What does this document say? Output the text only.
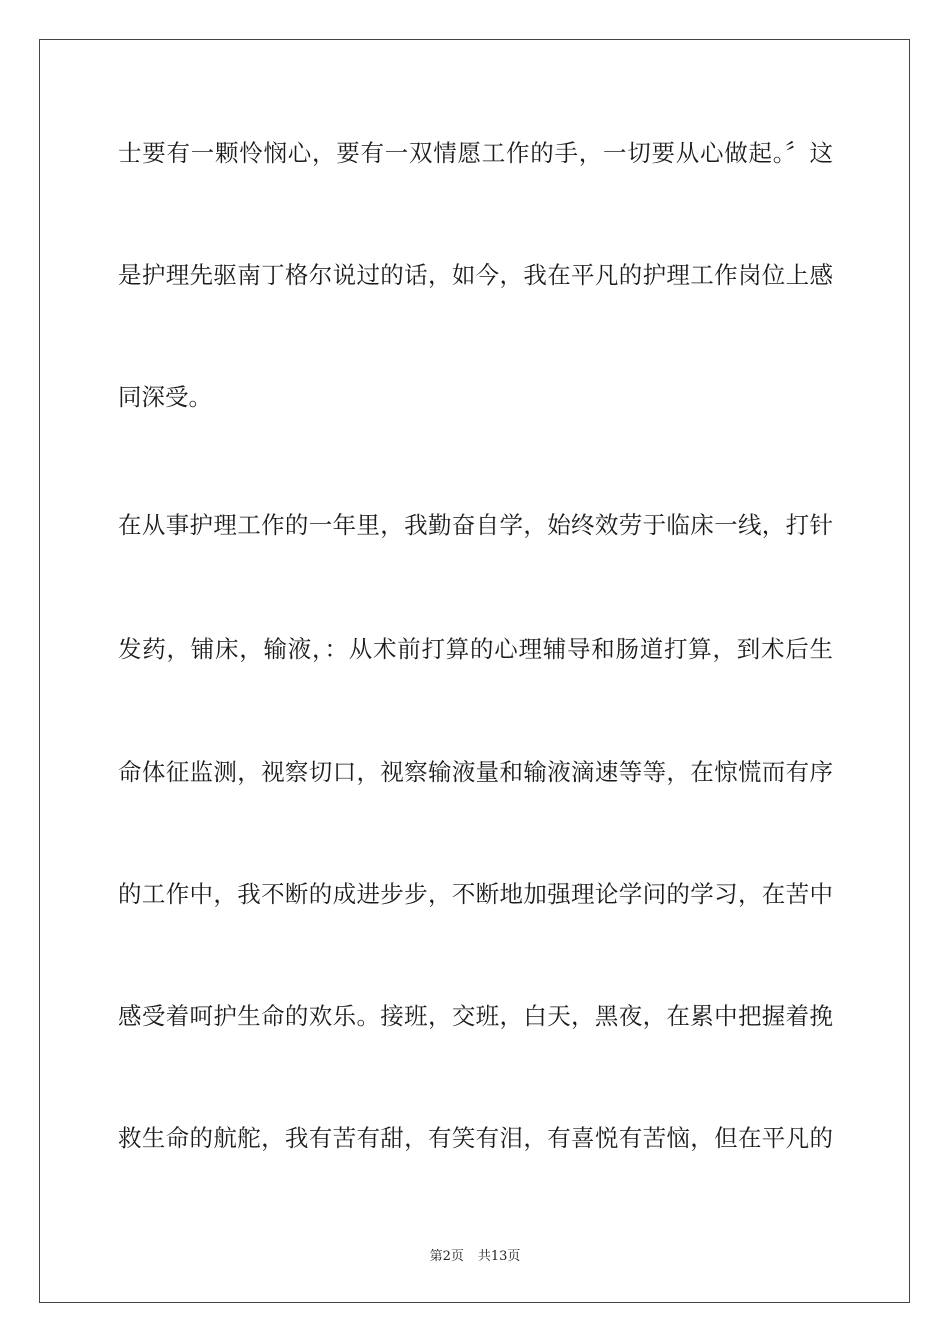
士要有一颗怜悯心，要有一双情愿工作的手，一切要从心做起。〞这
是护理先驱南丁格尔说过的话，如今，我在平凡的护理工作岗位上感
同深受。
在从事护理工作的一年里，我勤奋自学，始终效劳于临床一线，打针
发药，铺床，输液，：从术前打算的心理辅导和肠道打算，到术后生
命体征监测，视察切口，视察输液量和输液滴速等等，在惊慌而有序
的工作中，我不断的成进步步，不断地加强理论学问的学习，在苦中
感受着呵护生命的欢乐。接班，交班，白天，黑夜，在累中把握着挽
救生命的航舵，我有苦有甜，有笑有泪，有喜悦有苦恼，但在平凡的
第2页 共13页
